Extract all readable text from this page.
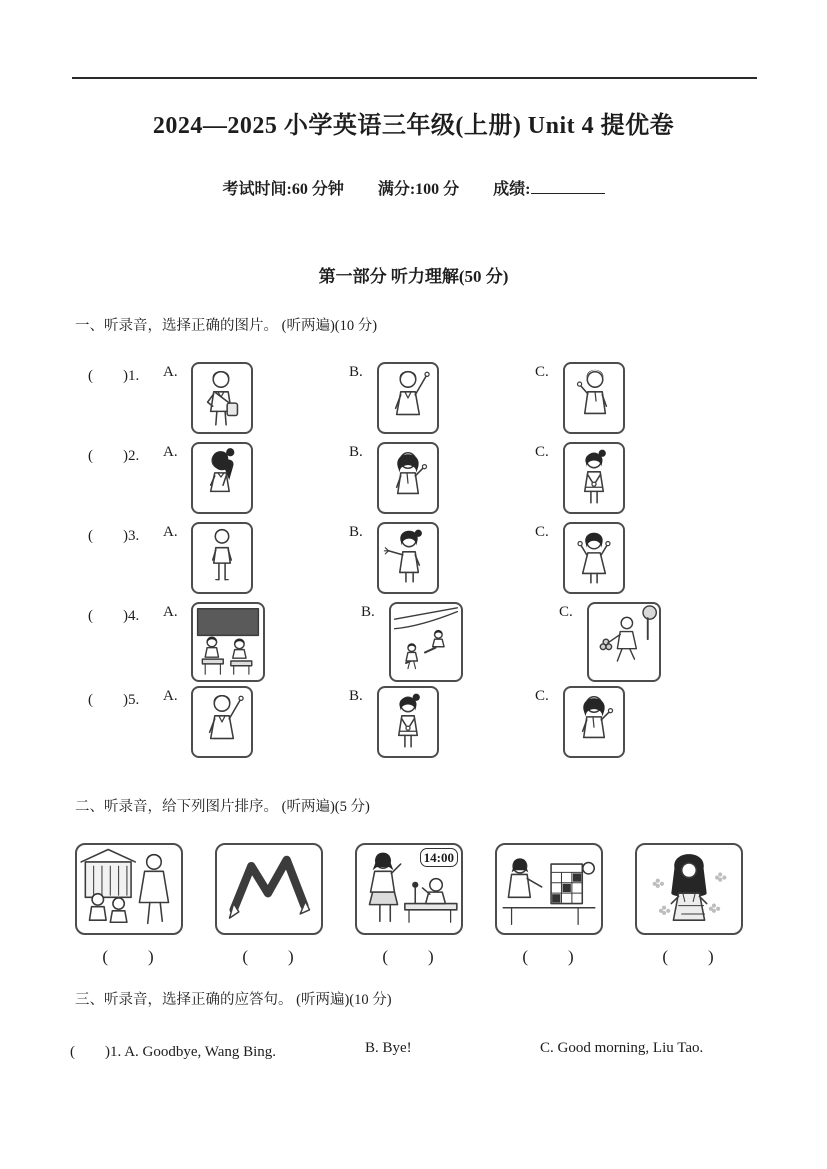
2024—2025 小学英语三年级(上册) Unit 4 提优卷
考试时间:60 分钟 满分:100 分 成绩:
第一部分 听力理解(50 分)
一、听录音，选择正确的图片。 (听两遍)(10 分)
(　　)1.	A.	B.	C.
(　　)2.	A.	B.	C.
(　　)3.	A.	B.	C.
(　　)4.	A.	B.	C.
(　　)5.	A.	B.	C.
二、听录音，给下列图片排序。 (听两遍)(5 分)
(　　)	(　　)
14:00
(　　)	(　　)	(　　)
三、听录音，选择正确的应答句。 (听两遍)(10 分)
(　　)1. A. Goodbye, Wang Bing.	B. Bye!	C. Good morning, Liu Tao.
